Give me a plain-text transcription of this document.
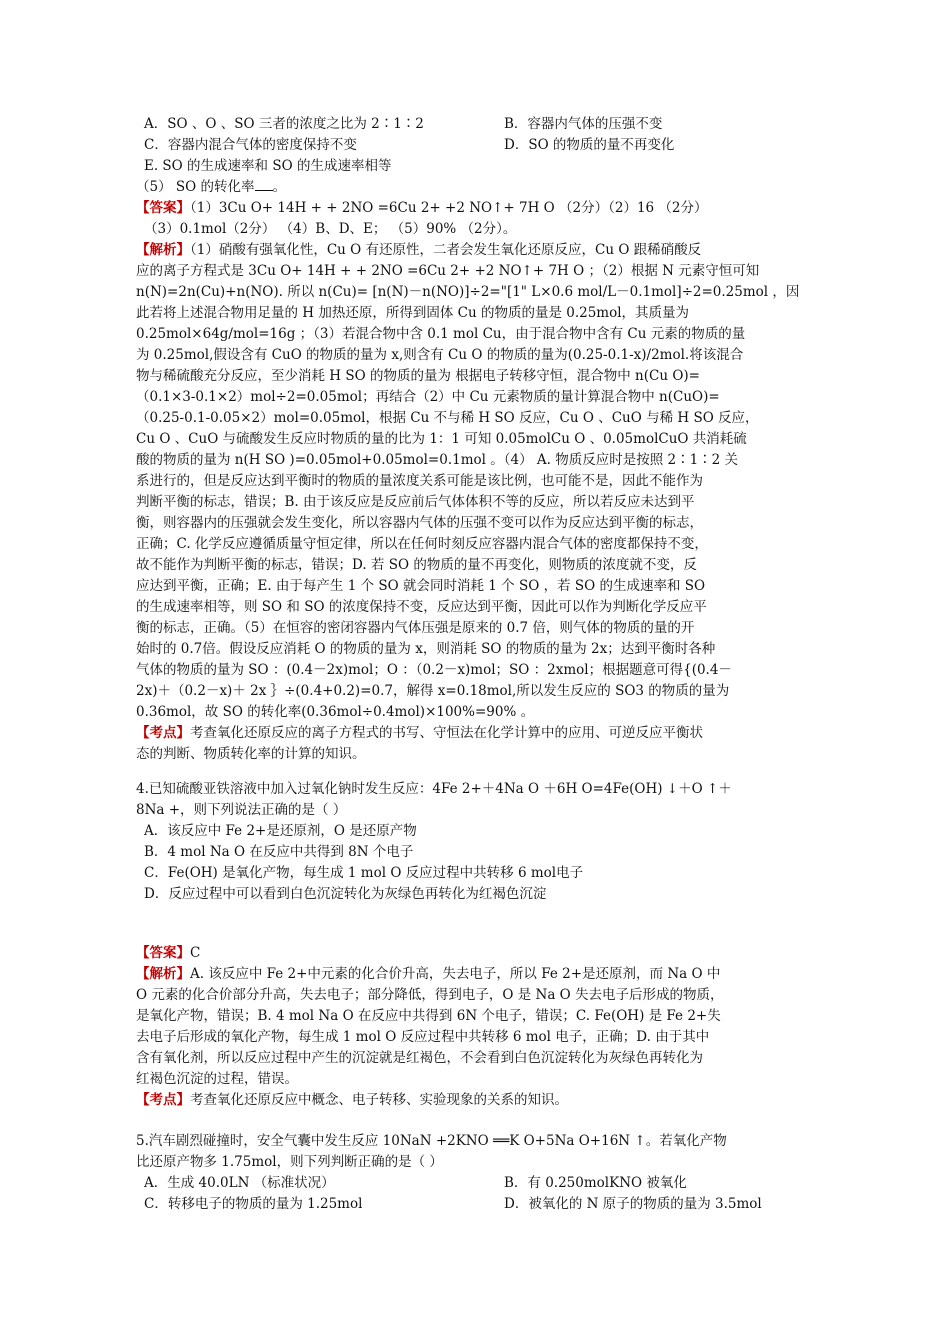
A．SO 、O 、SO 三者的浓度之比为 2∶1∶2	B．容器内气体的压强不变
C．容器内混合气体的密度保持不变	D．SO 的物质的量不再变化
E. SO 的生成速率和 SO 的生成速率相等
（5） SO 的转化率 。
【答案】（1）3Cu O+ 14H + + 2NO =6Cu 2+ +2 NO↑+ 7H O （2分）（2）16 （2分）
（3）0.1mol（2分） （4）B、D、E； （5）90% （2分）。
【解析】（1）硝酸有强氧化性，Cu O 有还原性，二者会发生氧化还原反应，Cu O 跟稀硝酸反
应的离子方程式是 3Cu O+ 14H + + 2NO =6Cu 2+ +2 NO↑+ 7H O ；（2）根据 N 元素守恒可知
n(N)=2n(Cu)+n(NO). 所以 n(Cu)= [n(N)－n(NO)]÷2="[1" L×0.6 mol/L－0.1mol]÷2=0.25mol ，因
此若将上述混合物用足量的 H 加热还原，所得到固体 Cu 的物质的量是 0.25mol，其质量为
0.25mol×64g/mol=16g ；（3）若混合物中含 0.1 mol Cu，由于混合物中含有 Cu 元素的物质的量
为 0.25mol,假设含有 CuO 的物质的量为 x,则含有 Cu O 的物质的量为(0.25-0.1-x)/2mol.将该混合
物与稀硫酸充分反应，至少消耗 H SO 的物质的量为 根据电子转移守恒，混合物中 n(Cu O)=
（0.1×3-0.1×2）mol÷2=0.05mol；再结合（2）中 Cu 元素物质的量计算混合物中 n(CuO)=
（0.25-0.1-0.05×2）mol=0.05mol，根据 Cu 不与稀 H SO 反应，Cu O 、CuO 与稀 H SO 反应，
Cu O 、CuO 与硫酸发生反应时物质的量的比为 1：1 可知 0.05molCu O 、0.05molCuO 共消耗硫
酸的物质的量为 n(H SO )=0.05mol+0.05mol=0.1mol 。（4） A. 物质反应时是按照 2∶1∶2 关
系进行的，但是反应达到平衡时的物质的量浓度关系可能是该比例，也可能不是，因此不能作为
判断平衡的标志，错误；B. 由于该反应是反应前后气体体积不等的反应，所以若反应未达到平
衡，则容器内的压强就会发生变化，所以容器内气体的压强不变可以作为反应达到平衡的标志，
正确；C. 化学反应遵循质量守恒定律，所以在任何时刻反应容器内混合气体的密度都保持不变，
故不能作为判断平衡的标志，错误；D. 若 SO 的物质的量不再变化，则物质的浓度就不变，反
应达到平衡，正确；E. 由于每产生 1 个 SO 就会同时消耗 1 个 SO ，若 SO 的生成速率和 SO
的生成速率相等，则 SO 和 SO 的浓度保持不变，反应达到平衡，因此可以作为判断化学反应平
衡的标志，正确。（5）在恒容的密闭容器内气体压强是原来的 0.7 倍，则气体的物质的量的开
始时的 0.7倍。假设反应消耗 O 的物质的量为 x，则消耗 SO 的物质的量为 2x；达到平衡时各种
气体的物质的量为 SO ：(0.4－2x)mol；O ：（0.2－x)mol；SO ：2xmol；根据题意可得{(0.4－
2x)＋（0.2－x)＋ 2x ｝÷(0.4+0.2)=0.7，解得 x=0.18mol,所以发生反应的 SO3 的物质的量为
0.36mol，故 SO 的转化率(0.36mol÷0.4mol)×100%=90% 。
【考点】考查氧化还原反应的离子方程式的书写、守恒法在化学计算中的应用、可逆反应平衡状
态的判断、物质转化率的计算的知识。
4.已知硫酸亚铁溶液中加入过氧化钠时发生反应：4Fe 2+＋4Na O ＋6H O=4Fe(OH) ↓＋O ↑＋
8Na +，则下列说法正确的是（ ）
A．该反应中 Fe 2+是还原剂，O 是还原产物
B．4 mol Na O 在反应中共得到 8N 个电子
C．Fe(OH) 是氧化产物，每生成 1 mol O 反应过程中共转移 6 mol电子
D．反应过程中可以看到白色沉淀转化为灰绿色再转化为红褐色沉淀
【答案】C
【解析】A. 该反应中 Fe 2+中元素的化合价升高，失去电子，所以 Fe 2+是还原剂，而 Na O 中
O 元素的化合价部分升高，失去电子；部分降低，得到电子，O 是 Na O 失去电子后形成的物质，
是氧化产物，错误；B. 4 mol Na O 在反应中共得到 6N 个电子，错误；C. Fe(OH) 是 Fe 2+失
去电子后形成的氧化产物，每生成 1 mol O 反应过程中共转移 6 mol 电子，正确；D. 由于其中
含有氧化剂，所以反应过程中产生的沉淀就是红褐色，不会看到白色沉淀转化为灰绿色再转化为
红褐色沉淀的过程，错误。
【考点】考查氧化还原反应中概念、电子转移、实验现象的关系的知识。
5.汽车剧烈碰撞时，安全气囊中发生反应 10NaN +2KNO ══K O+5Na O+16N ↑。若氧化产物
比还原产物多 1.75mol，则下列判断正确的是（ ）
A．生成 40.0LN （标准状况）	B．有 0.250molKNO 被氧化
C．转移电子的物质的量为 1.25mol	D．被氧化的 N 原子的物质的量为 3.5mol
